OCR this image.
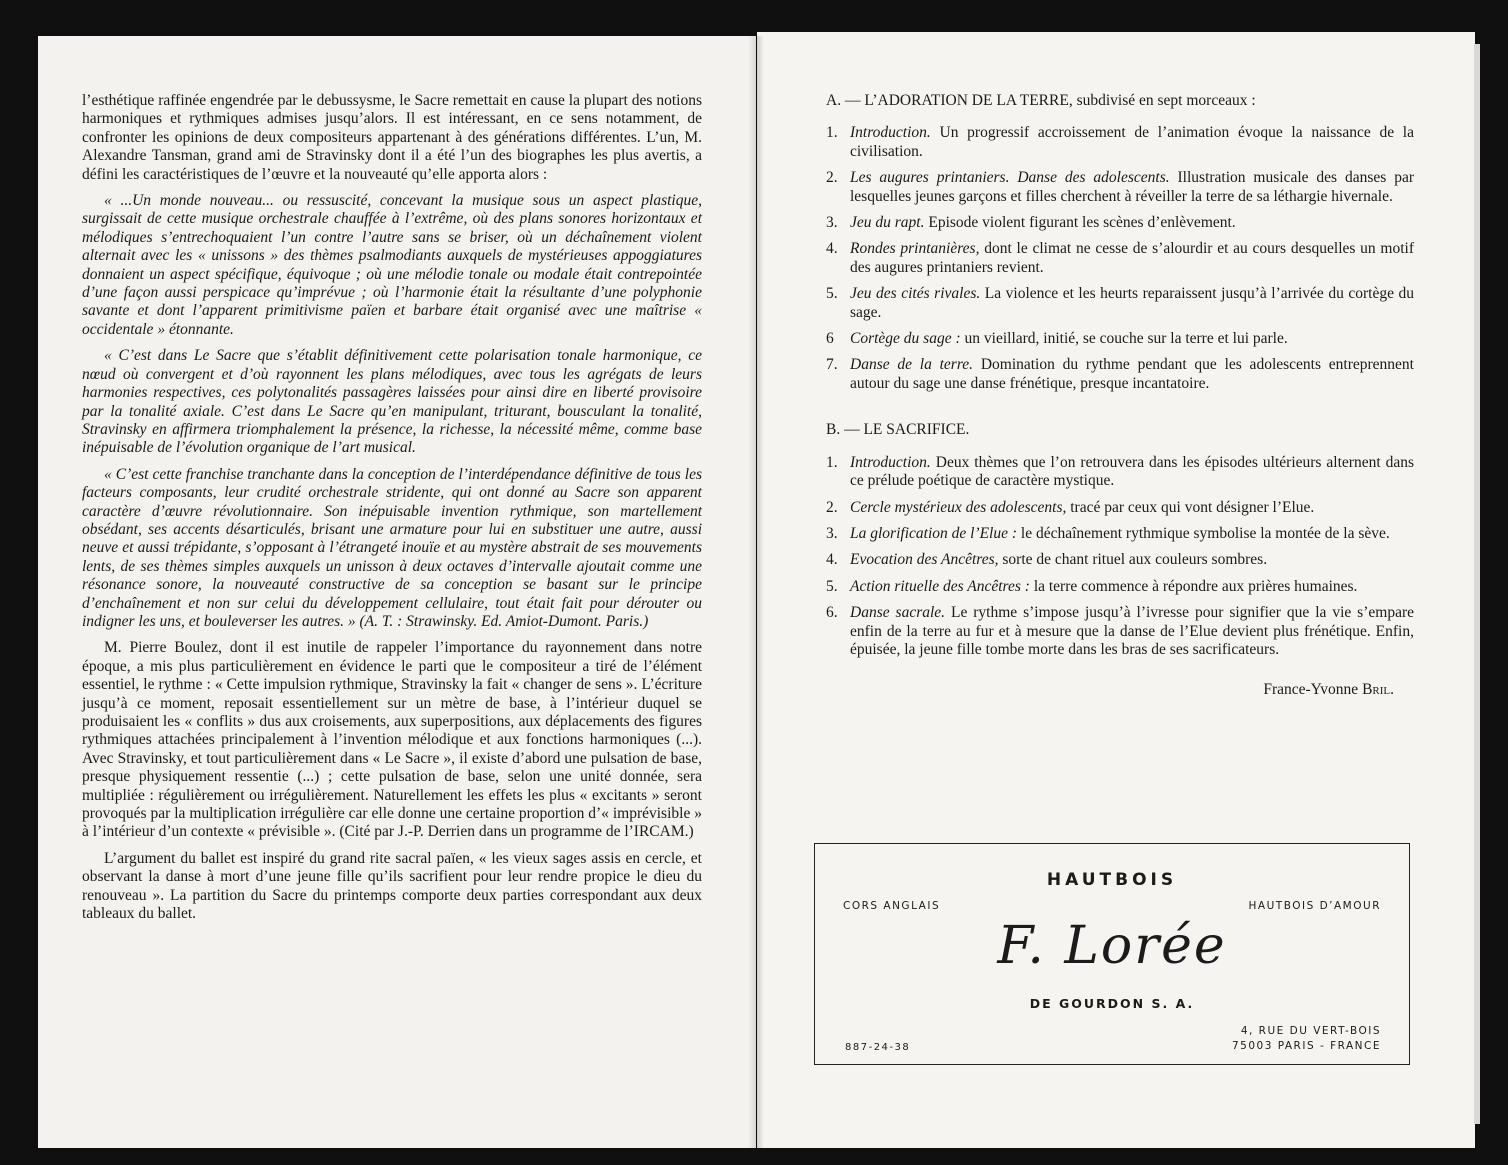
l’esthétique raffinée engendrée par le debussysme, le Sacre remettait en cause la plupart des notions harmoniques et rythmiques admises jusqu’alors. Il est intéressant, en ce sens notamment, de confronter les opinions de deux compositeurs appartenant à des générations différentes. L’un, M. Alexandre Tansman, grand ami de Stravinsky dont il a été l’un des biographes les plus avertis, a défini les caractéristiques de l’œuvre et la nouveauté qu’elle apporta alors :

« ...Un monde nouveau... ou ressuscité, concevant la musique sous un aspect plastique, surgissait de cette musique orchestrale chauffée à l’extrême, où des plans sonores horizontaux et mélodiques s’entrechoquaient l’un contre l’autre sans se briser, où un déchaînement violent alternait avec les « unissons » des thèmes psalmodiants auxquels de mystérieuses appoggiatures donnaient un aspect spécifique, équivoque ; où une mélodie tonale ou modale était contrepointée d’une façon aussi perspicace qu’imprévue ; où l’harmonie était la résultante d’une polyphonie savante et dont l’apparent primitivisme païen et barbare était organisé avec une maîtrise « occidentale » étonnante.

« C’est dans Le Sacre que s’établit définitivement cette polarisation tonale harmonique, ce nœud où convergent et d’où rayonnent les plans mélodiques, avec tous les agrégats de leurs harmonies respectives, ces polytonalités passagères laissées pour ainsi dire en liberté provisoire par la tonalité axiale. C’est dans Le Sacre qu’en manipulant, triturant, bousculant la tonalité, Stravinsky en affirmera triomphalement la présence, la richesse, la nécessité même, comme base inépuisable de l’évolution organique de l’art musical.

« C’est cette franchise tranchante dans la conception de l’interdépendance définitive de tous les facteurs composants, leur crudité orchestrale stridente, qui ont donné au Sacre son apparent caractère d’œuvre révolutionnaire. Son inépuisable invention rythmique, son martellement obsédant, ses accents désarticulés, brisant une armature pour lui en substituer une autre, aussi neuve et aussi trépidante, s’opposant à l’étrangeté inouïe et au mystère abstrait de ses mouvements lents, de ses thèmes simples auxquels un unisson à deux octaves d’intervalle ajoutait comme une résonance sonore, la nouveauté constructive de sa conception se basant sur le principe d’enchaînement et non sur celui du développement cellulaire, tout était fait pour dérouter ou indigner les uns, et bouleverser les autres. » (A. T. : Strawinsky. Ed. Amiot-Dumont. Paris.)

M. Pierre Boulez, dont il est inutile de rappeler l’importance du rayonnement dans notre époque, a mis plus particulièrement en évidence le parti que le compositeur a tiré de l’élément essentiel, le rythme : « Cette impulsion rythmique, Stravinsky la fait « changer de sens ». L’écriture jusqu’à ce moment, reposait essentiellement sur un mètre de base, à l’intérieur duquel se produisaient les « conflits » dus aux croisements, aux superpositions, aux déplacements des figures rythmiques attachées principalement à l’invention mélodique et aux fonctions harmoniques (...). Avec Stravinsky, et tout particulièrement dans « Le Sacre », il existe d’abord une pulsation de base, presque physiquement ressentie (...) ; cette pulsation de base, selon une unité donnée, sera multipliée : régulièrement ou irrégulièrement. Naturellement les effets les plus « excitants » seront provoqués par la multiplication irrégulière car elle donne une certaine proportion d’« imprévisible » à l’intérieur d’un contexte « prévisible ». (Cité par J.-P. Derrien dans un programme de l’IRCAM.)

L’argument du ballet est inspiré du grand rite sacral païen, « les vieux sages assis en cercle, et observant la danse à mort d’une jeune fille qu’ils sacrifient pour leur rendre propice le dieu du renouveau ». La partition du Sacre du printemps comporte deux parties correspondant aux deux tableaux du ballet.

A. — L’ADORATION DE LA TERRE, subdivisé en sept morceaux :
1. Introduction. Un progressif accroissement de l’animation évoque la naissance de la civilisation.
2. Les augures printaniers. Danse des adolescents. Illustration musicale des danses par lesquelles jeunes garçons et filles cherchent à réveiller la terre de sa léthargie hivernale.
3. Jeu du rapt. Episode violent figurant les scènes d’enlèvement.
4. Rondes printanières, dont le climat ne cesse de s’alourdir et au cours desquelles un motif des augures printaniers revient.
5. Jeu des cités rivales. La violence et les heurts reparaissent jusqu’à l’arrivée du cortège du sage.
6 Cortège du sage : un vieillard, initié, se couche sur la terre et lui parle.
7. Danse de la terre. Domination du rythme pendant que les adolescents entreprennent autour du sage une danse frénétique, presque incantatoire.
B. — LE SACRIFICE.
1. Introduction. Deux thèmes que l’on retrouvera dans les épisodes ultérieurs alternent dans ce prélude poétique de caractère mystique.
2. Cercle mystérieux des adolescents, tracé par ceux qui vont désigner l’Elue.
3. La glorification de l’Elue : le déchaînement rythmique symbolise la montée de la sève.
4. Evocation des Ancêtres, sorte de chant rituel aux couleurs sombres.
5. Action rituelle des Ancêtres : la terre commence à répondre aux prières humaines.
6. Danse sacrale. Le rythme s’impose jusqu’à l’ivresse pour signifier que la vie s’empare enfin de la terre au fur et à mesure que la danse de l’Elue devient plus frénétique. Enfin, épuisée, la jeune fille tombe morte dans les bras de ses sacrificateurs.
France-Yvonne Bril.
HAUTBOIS
CORS ANGLAIS	HAUTBOIS D’AMOUR
F. Lorée
DE GOURDON S. A.
887-24-38
4, RUE DU VERT-BOIS
75003 PARIS - FRANCE
